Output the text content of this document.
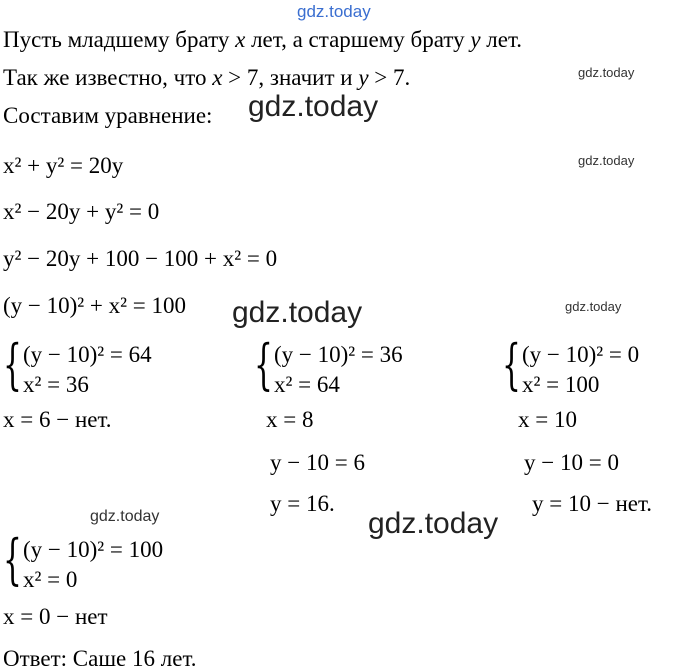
gdz.today
gdz.today
gdz.today
gdz.today
gdz.today
gdz.today
gdz.today
gdz.today
Пусть младшему брату x лет, а старшему брату y лет.
Так же известно, что x > 7, значит и y > 7.
Составим уравнение:
x² + y² = 20y
x² − 20y + y² = 0
y² − 20y + 100 − 100 + x² = 0
(y − 10)² + x² = 100
{ (y − 10)² = 64
x² = 36
x = 6 − нет.
{ (y − 10)² = 36
x² = 64
x = 8
y − 10 = 6
y = 16.
{ (y − 10)² = 0
x² = 100
x = 10
y − 10 = 0
y = 10 − нет.
{ (y − 10)² = 100
x² = 0
x = 0 − нет
Ответ: Саше 16 лет.
